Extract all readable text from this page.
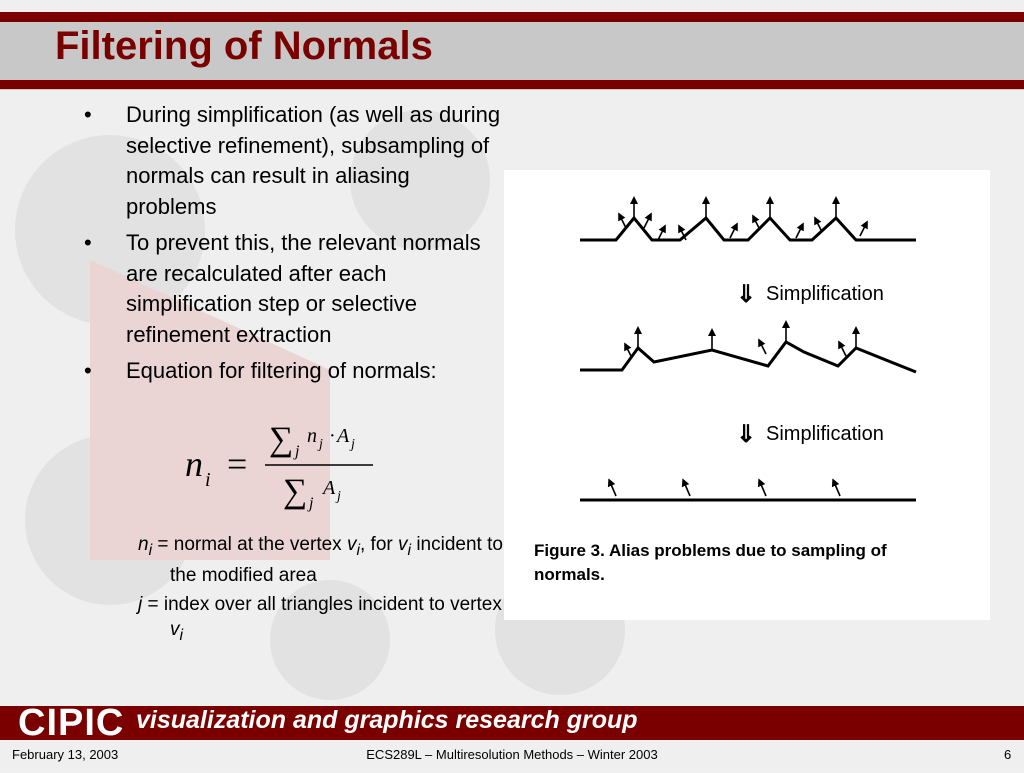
Filtering of Normals
• During simplification (as well as during selective refinement), subsampling of normals can result in aliasing problems
• To prevent this, the relevant normals are recalculated after each simplification step or selective refinement extraction
• Equation for filtering of normals:
n i =
∑ j
n j · A j
∑ j
A j
$n_i$ = normal at the vertex $v_i$, for $v_i$ incident to the modified area
j = index over all triangles incident to vertex $v_i$
⇓ Simplification
⇓ Simplification
Figure 3. Alias problems due to sampling of
normals.
CIPIC visualization and graphics research group
February 13, 2003	ECS289L – Multiresolution Methods – Winter 2003	6
